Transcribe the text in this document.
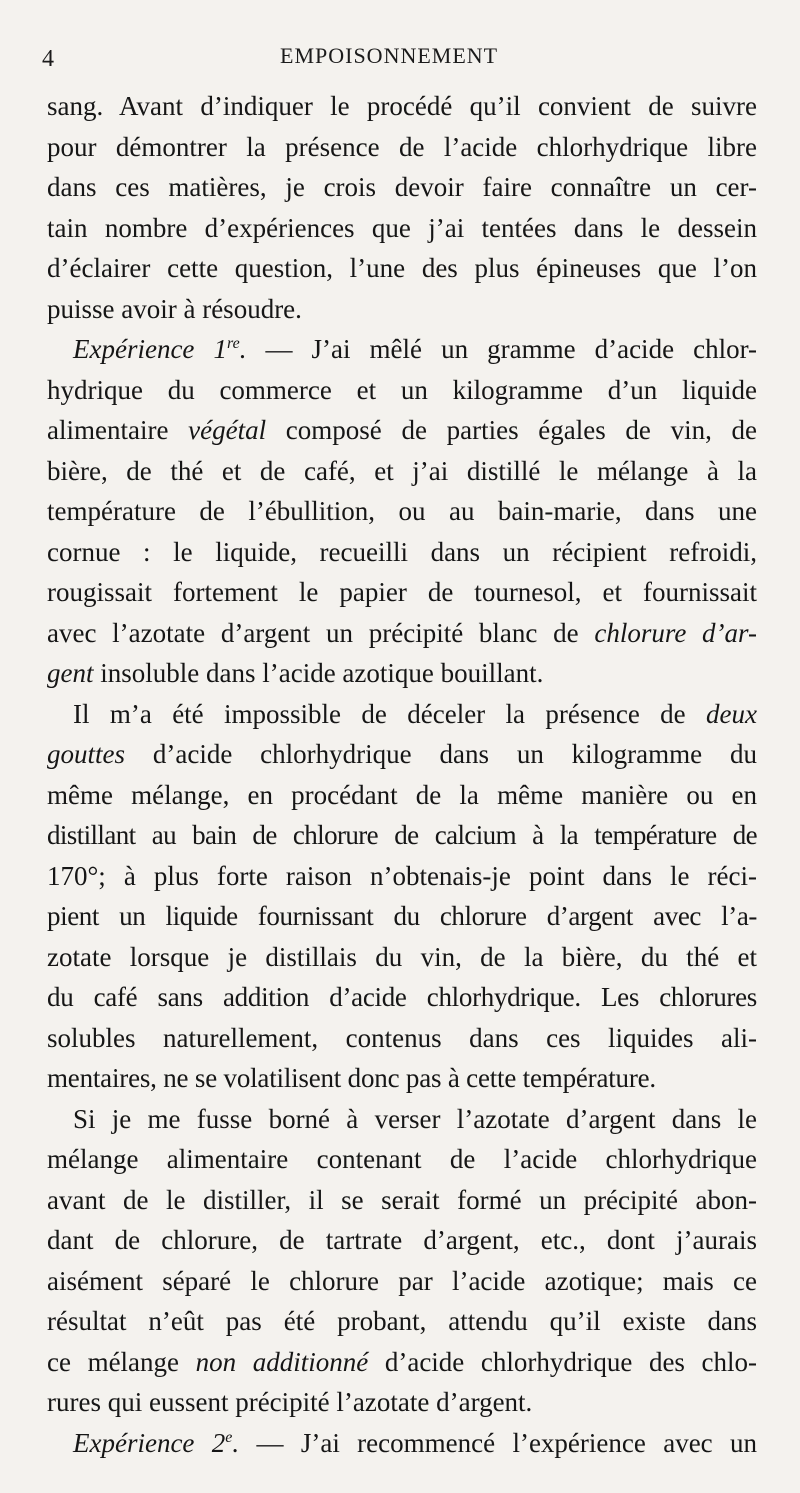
4	EMPOISONNEMENT
sang. Avant d’indiquer le procédé qu’il convient de suivre
pour démontrer la présence de l’acide chlorhydrique libre
dans ces matières, je crois devoir faire connaître un cer-
tain nombre d’expériences que j’ai tentées dans le dessein
d’éclairer cette question, l’une des plus épineuses que l’on
puisse avoir à résoudre.
Expérience 1re. — J’ai mêlé un gramme d’acide chlor-
hydrique du commerce et un kilogramme d’un liquide
alimentaire végétal composé de parties égales de vin, de
bière, de thé et de café, et j’ai distillé le mélange à la
température de l’ébullition, ou au bain-marie, dans une
cornue : le liquide, recueilli dans un récipient refroidi,
rougissait fortement le papier de tournesol, et fournissait
avec l’azotate d’argent un précipité blanc de chlorure d’ar-
gent insoluble dans l’acide azotique bouillant.
Il m’a été impossible de déceler la présence de deux
gouttes d’acide chlorhydrique dans un kilogramme du
même mélange, en procédant de la même manière ou en
distillant au bain de chlorure de calcium à la température de
170°; à plus forte raison n’obtenais-je point dans le réci-
pient un liquide fournissant du chlorure d’argent avec l’a-
zotate lorsque je distillais du vin, de la bière, du thé et
du café sans addition d’acide chlorhydrique. Les chlorures
solubles naturellement, contenus dans ces liquides ali-
mentaires, ne se volatilisent donc pas à cette température.
Si je me fusse borné à verser l’azotate d’argent dans le
mélange alimentaire contenant de l’acide chlorhydrique
avant de le distiller, il se serait formé un précipité abon-
dant de chlorure, de tartrate d’argent, etc., dont j’aurais
aisément séparé le chlorure par l’acide azotique; mais ce
résultat n’eût pas été probant, attendu qu’il existe dans
ce mélange non additionné d’acide chlorhydrique des chlo-
rures qui eussent précipité l’azotate d’argent.
Expérience 2e. — J’ai recommencé l’expérience avec un
